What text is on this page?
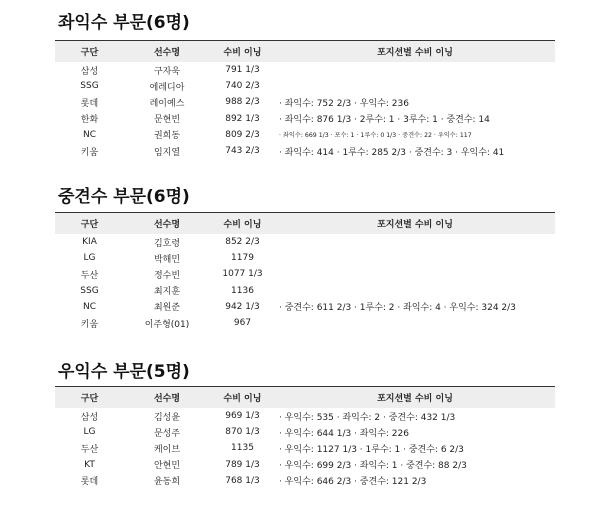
좌익수 부문(6명)
구단	선수명	수비 이닝	포지션별 수비 이닝
삼성	구자욱	791 1/3	
SSG	에레디아	740 2/3	
롯데	레이예스	988 2/3	· 좌익수: 752 2/3 · 우익수: 236
한화	문현빈	892 1/3	· 좌익수: 876 1/3 · 2루수: 1 · 3루수: 1 · 중견수: 14
NC	권희동	809 2/3	· 좌익수: 669 1/3 · 포수: 1 · 1루수: 0 1/3 · 중견수: 22 · 우익수: 117
키움	임지열	743 2/3	· 좌익수: 414 · 1루수: 285 2/3 · 중견수: 3 · 우익수: 41
중견수 부문(6명)
구단	선수명	수비 이닝	포지션별 수비 이닝
KIA	김호령	852 2/3	
LG	박해민	1179	
두산	정수빈	1077 1/3	
SSG	최지훈	1136	
NC	최원준	942 1/3	· 중견수: 611 2/3 · 1루수: 2 · 좌익수: 4 · 우익수: 324 2/3
키움	이주형(01)	967	
우익수 부문(5명)
구단	선수명	수비 이닝	포지션별 수비 이닝
삼성	김성윤	969 1/3	· 우익수: 535 · 좌익수: 2 · 중견수: 432 1/3
LG	문성주	870 1/3	· 우익수: 644 1/3 · 좌익수: 226
두산	케이브	1135	· 우익수: 1127 1/3 · 1루수: 1 · 중견수: 6 2/3
KT	안현민	789 1/3	· 우익수: 699 2/3 · 좌익수: 1 · 중견수: 88 2/3
롯데	윤동희	768 1/3	· 우익수: 646 2/3 · 중견수: 121 2/3
